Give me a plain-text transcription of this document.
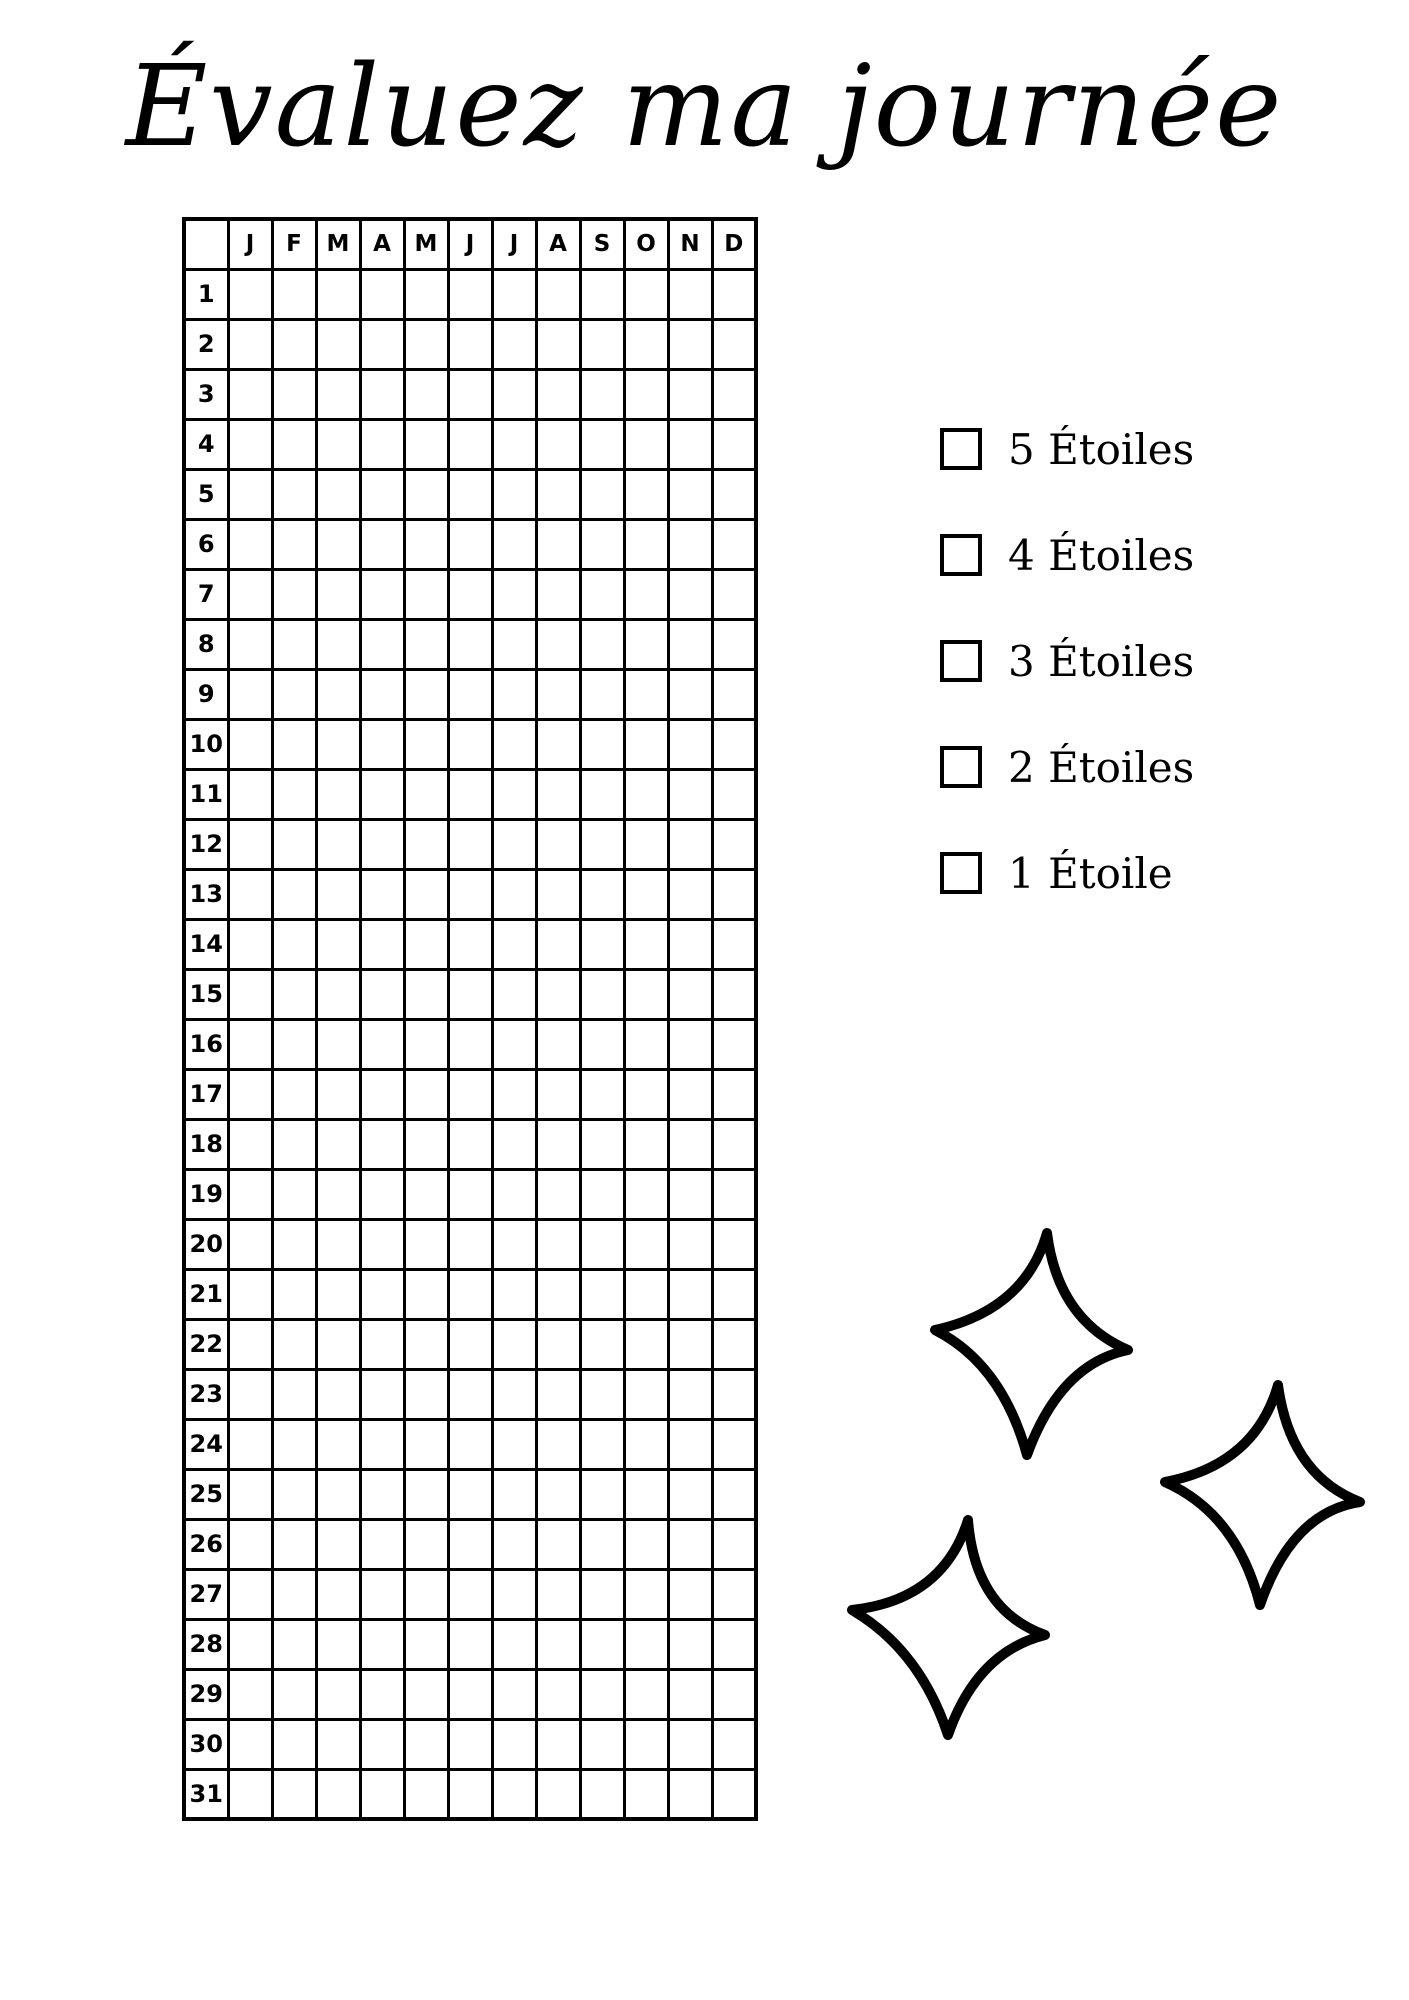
Évaluez ma journée
	J	F	M	A	M	J	J	A	S	O	N	D
1												
2												
3												
4												
5												
6												
7												
8												
9												
10												
11												
12												
13												
14												
15												
16												
17												
18												
19												
20												
21												
22												
23												
24												
25												
26												
27												
28												
29												
30												
31												
5 Étoiles
4 Étoiles
3 Étoiles
2 Étoiles
1 Étoile
